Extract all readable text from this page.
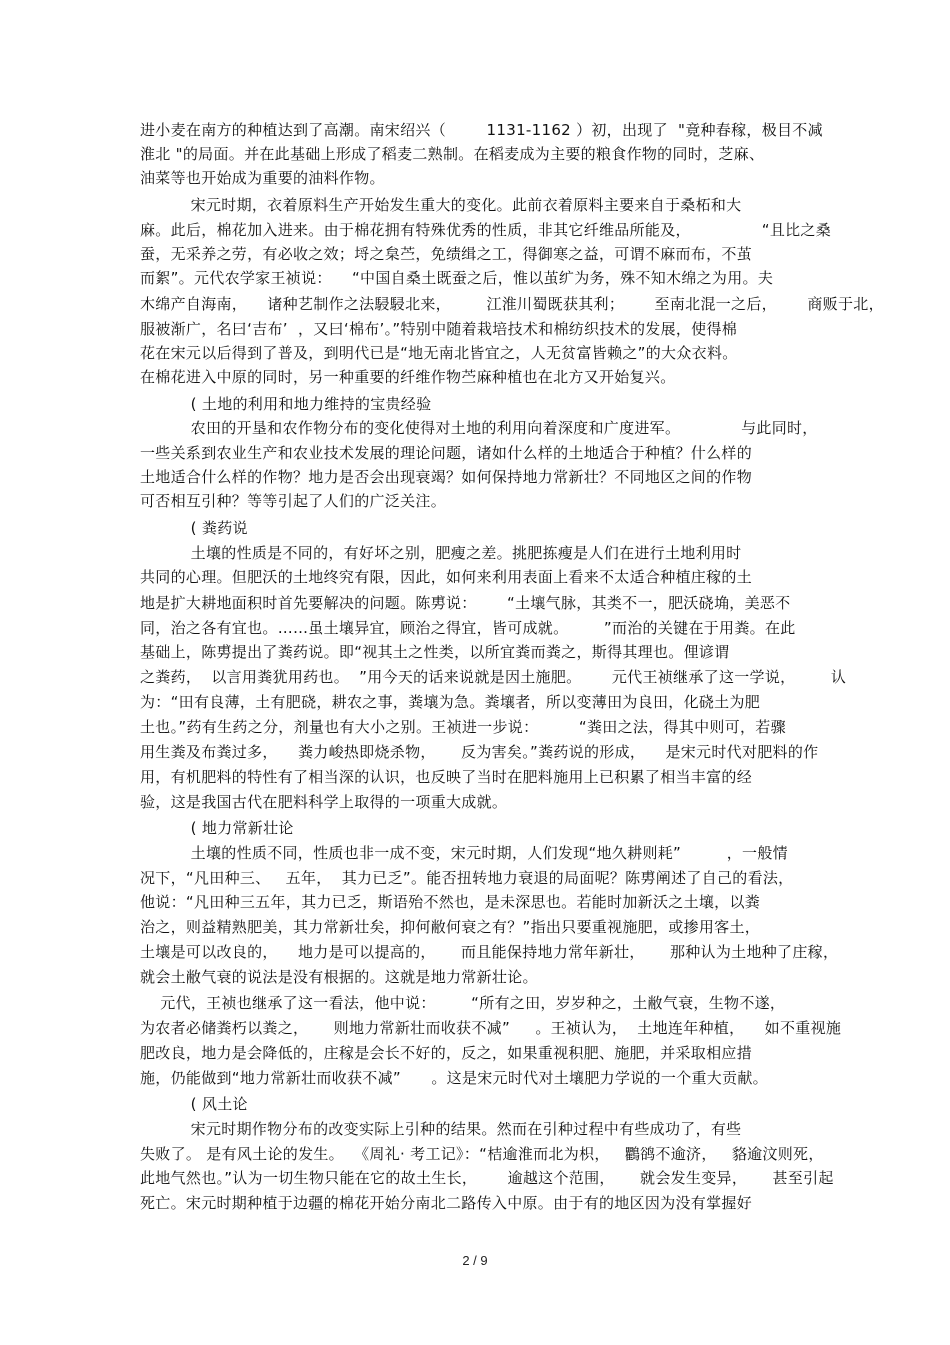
进小麦在南方的种植达到了高潮。南宋绍兴（        1131-1162 ）初，出现了  "竟种春稼，极目不减
淮北 "的局面。并在此基础上形成了稻麦二熟制。在稻麦成为主要的粮食作物的同时，芝麻、
油菜等也开始成为重要的油料作物。
宋元时期，衣着原料生产开始发生重大的变化。此前衣着原料主要来自于桑柘和大
麻。此后，棉花加入进来。由于棉花拥有特殊优秀的性质，非其它纤维品所能及，              “且比之桑
蚕，无采养之劳，有必收之效；埒之枲苎，免绩缉之工，得御寒之益，可谓不麻而布，不茧
而絮”。元代农学家王祯说：    “中国自桑土既蚕之后，惟以茧纩为务，殊不知木绵之为用。夫
木绵产自海南，    诸种艺制作之法駸駸北来，       江淮川蜀既获其利；      至南北混一之后，      商贩于北，
服被渐广，名曰‘吉布’  ，又曰‘棉布’。”特别中随着栽培技术和棉纺织技术的发展，使得棉
花在宋元以后得到了普及，到明代已是“地无南北皆宜之，人无贫富皆赖之”的大众衣料。
在棉花进入中原的同时，另一种重要的纤维作物苎麻种植也在北方又开始复兴。
( 土地的利用和地力维持的宝贵经验
农田的开垦和农作物分布的变化使得对土地的利用向着深度和广度进军。            与此同时，
一些关系到农业生产和农业技术发展的理论问题，诸如什么样的土地适合于种植？什么样的
土地适合什么样的作物？地力是否会出现衰竭？如何保持地力常新壮？不同地区之间的作物
可否相互引种？等等引起了人们的广泛关注。
( 粪药说
土壤的性质是不同的，有好坏之别，肥瘦之差。挑肥拣瘦是人们在进行土地利用时
共同的心理。但肥沃的土地终究有限，因此，如何来利用表面上看来不太适合种植庄稼的土
地是扩大耕地面积时首先要解决的问题。陈旉说：      “土壤气脉，其类不一，肥沃硗埆，美恶不
同，治之各有宜也。……虽土壤异宜，顾治之得宜，皆可成就。       ”而治的关键在于用粪。在此
基础上，陈旉提出了粪药说。即“视其土之性类，以所宜粪而粪之，斯得其理也。俚谚谓
之粪药，  以言用粪犹用药也。  ”用今天的话来说就是因土施肥。      元代王祯继承了这一学说，       认
为：“田有良薄，土有肥硗，耕农之事，粪壤为急。粪壤者，所以变薄田为良田，化硗土为肥
土也。”药有生药之分，剂量也有大小之别。王祯进一步说：        “粪田之法，得其中则可，若骤
用生粪及布粪过多，    粪力峻热即烧杀物，     反为害矣。”粪药说的形成，    是宋元时代对肥料的作
用，有机肥料的特性有了相当深的认识，也反映了当时在肥料施用上已积累了相当丰富的经
验，这是我国古代在肥料科学上取得的一项重大成就。
( 地力常新壮论
土壤的性质不同，性质也非一成不变，宋元时期，人们发现“地久耕则耗”         ，一般情
况下，“凡田种三、   五年，  其力已乏”。能否扭转地力衰退的局面呢？陈旉阐述了自己的看法，
他说：“凡田种三五年，其力已乏，斯语殆不然也，是未深思也。若能时加新沃之土壤，以粪
治之，则益精熟肥美，其力常新壮矣，抑何敝何衰之有？”指出只要重视施肥，或掺用客土，
土壤是可以改良的，    地力是可以提高的，     而且能保持地力常年新壮，     那种认为土地种了庄稼，
就会土敝气衰的说法是没有根据的。这就是地力常新壮论。
元代，王祯也继承了这一看法，他中说：       “所有之田，岁岁种之，土敝气衰，生物不遂，
为农者必储粪朽以粪之，     则地力常新壮而收获不减”     。王祯认为，  土地连年种植，    如不重视施
肥改良，地力是会降低的，庄稼是会长不好的，反之，如果重视积肥、施肥，并采取相应措
施，仍能做到“地力常新壮而收获不减”      。这是宋元时代对土壤肥力学说的一个重大贡献。
( 风土论
宋元时期作物分布的改变实际上引种的结果。然而在引种过程中有些成功了，有些
失败了。 是有风土论的发生。  《周礼· 考工记》：“桔逾淮而北为枳，   鸜鹆不逾济，   貉逾汶则死，
此地气然也。”认为一切生物只能在它的故土生长，      逾越这个范围，     就会发生变异，     甚至引起
死亡。宋元时期种植于边疆的棉花开始分南北二路传入中原。由于有的地区因为没有掌握好
2 / 9
